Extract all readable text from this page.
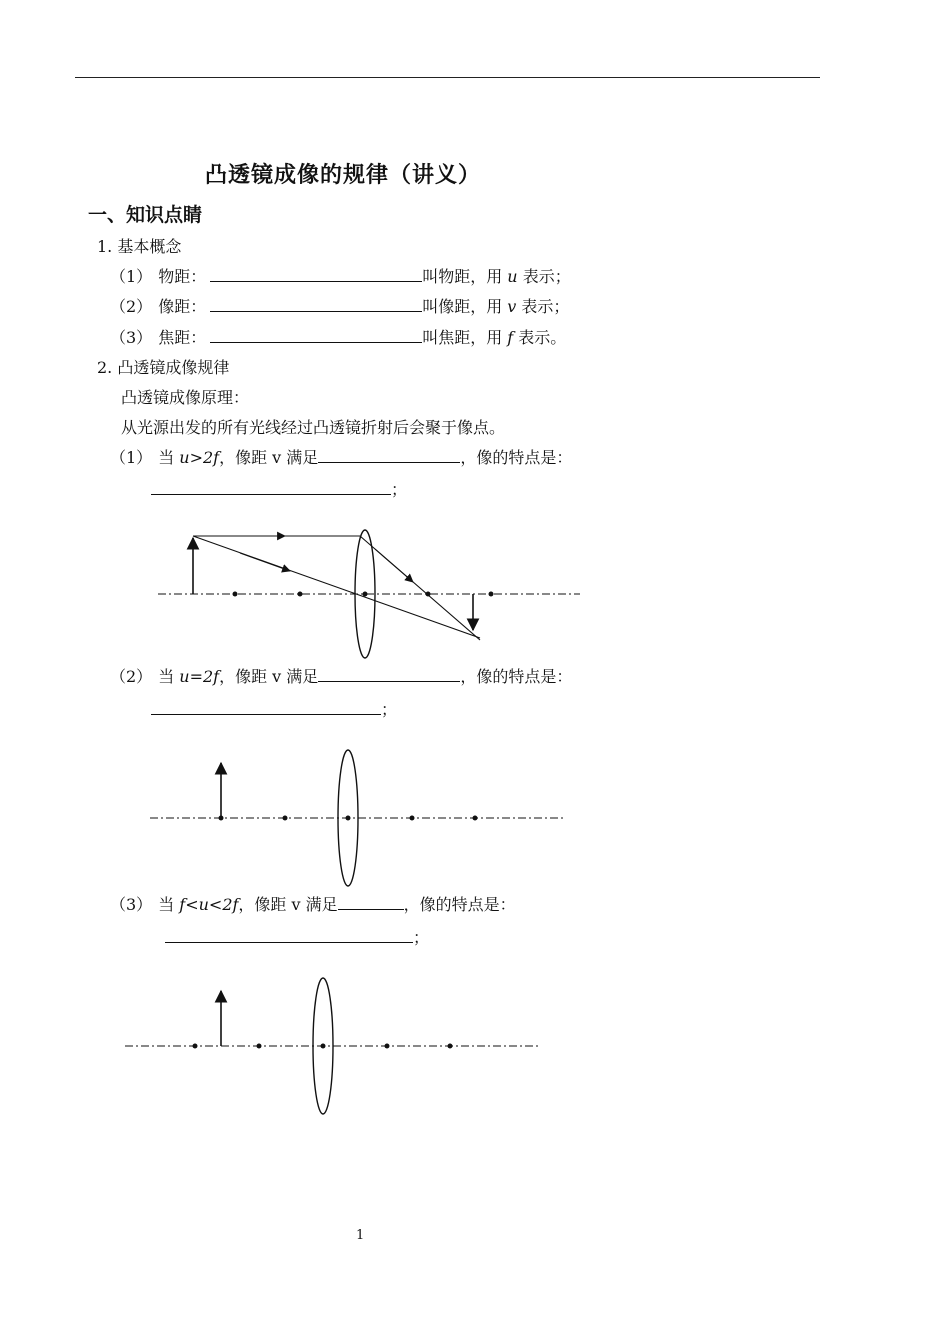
凸透镜成像的规律（讲义）
一、知识点睛
1. 基本概念
（1） 物距：	叫物距，用 u 表示；
（2） 像距：	叫像距，用 v 表示；
（3） 焦距：	叫焦距，用 f 表示。
2. 凸透镜成像规律
凸透镜成像原理：
从光源出发的所有光线经过凸透镜折射后会聚于像点。
（1） 当 u>2f，像距 v 满足	，像的特点是：
；
（2） 当 u=2f，像距 v 满足	，像的特点是：
；
（3） 当 f<u<2f，像距 v 满足	，像的特点是：
；
1
